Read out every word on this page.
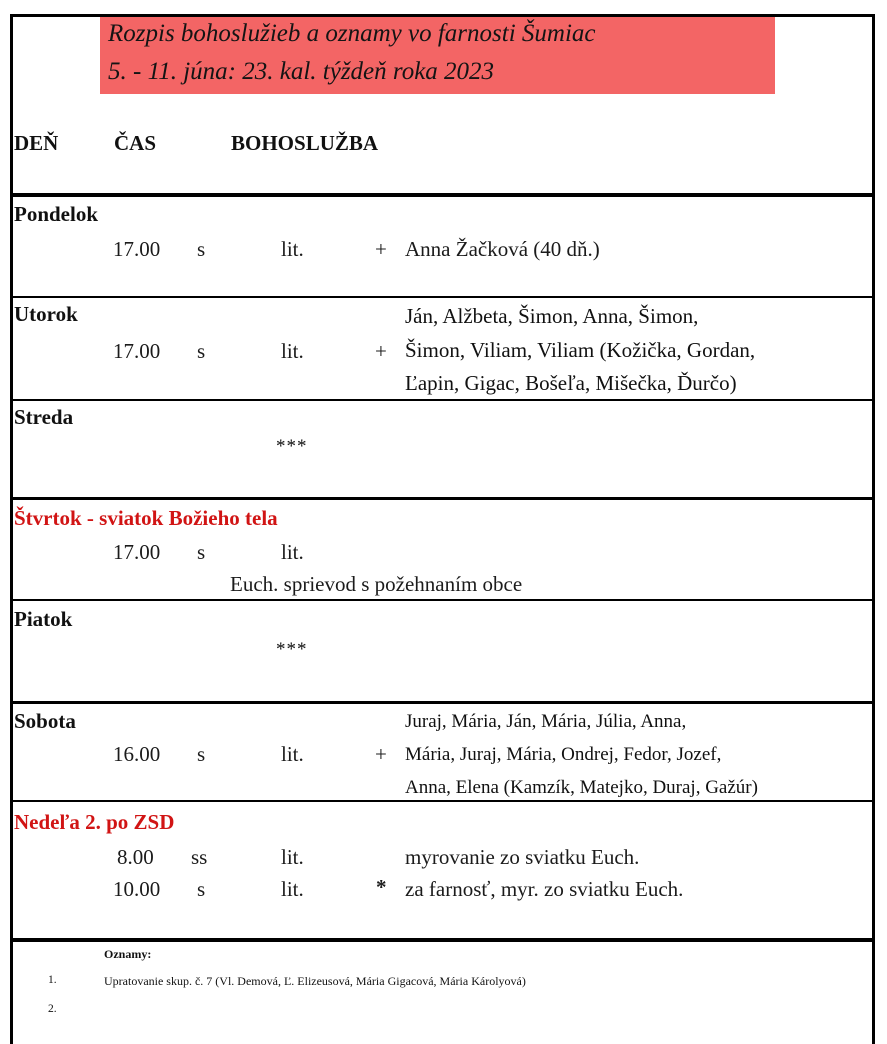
Rozpis bohoslužieb a oznamy vo farnosti Šumiac
5. - 11. júna: 23. kal. týždeň roka 2023
DEŇ	ČAS	BOHOSLUŽBA
Pondelok
17.00 s	lit.	+ Anna Žačková (40 dň.)
Utorok
17.00 s	lit.	+
Ján, Alžbeta, Šimon, Anna, Šimon,
Šimon, Viliam, Viliam (Kožička, Gordan,
Ľapin, Gigac, Bošeľa, Mišečka, Ďurčo)
Streda
***
Štvrtok - sviatok Božieho tela
17.00 s	lit.
Euch. sprievod s požehnaním obce
Piatok
***
Sobota
16.00 s	lit.	+
Juraj, Mária, Ján, Mária, Júlia, Anna,
Mária, Juraj, Mária, Ondrej, Fedor, Jozef,
Anna, Elena (Kamzík, Matejko, Duraj, Gažúr)
Nedeľa 2. po ZSD
8.00 ss	lit.	myrovanie zo sviatku Euch.
10.00 s	lit.	* za farnosť, myr. zo sviatku Euch.
Oznamy:
1.	Upratovanie skup. č. 7 (Vl. Demová, Ľ. Elizeusová, Mária Gigacová, Mária Károlyová)
2.
